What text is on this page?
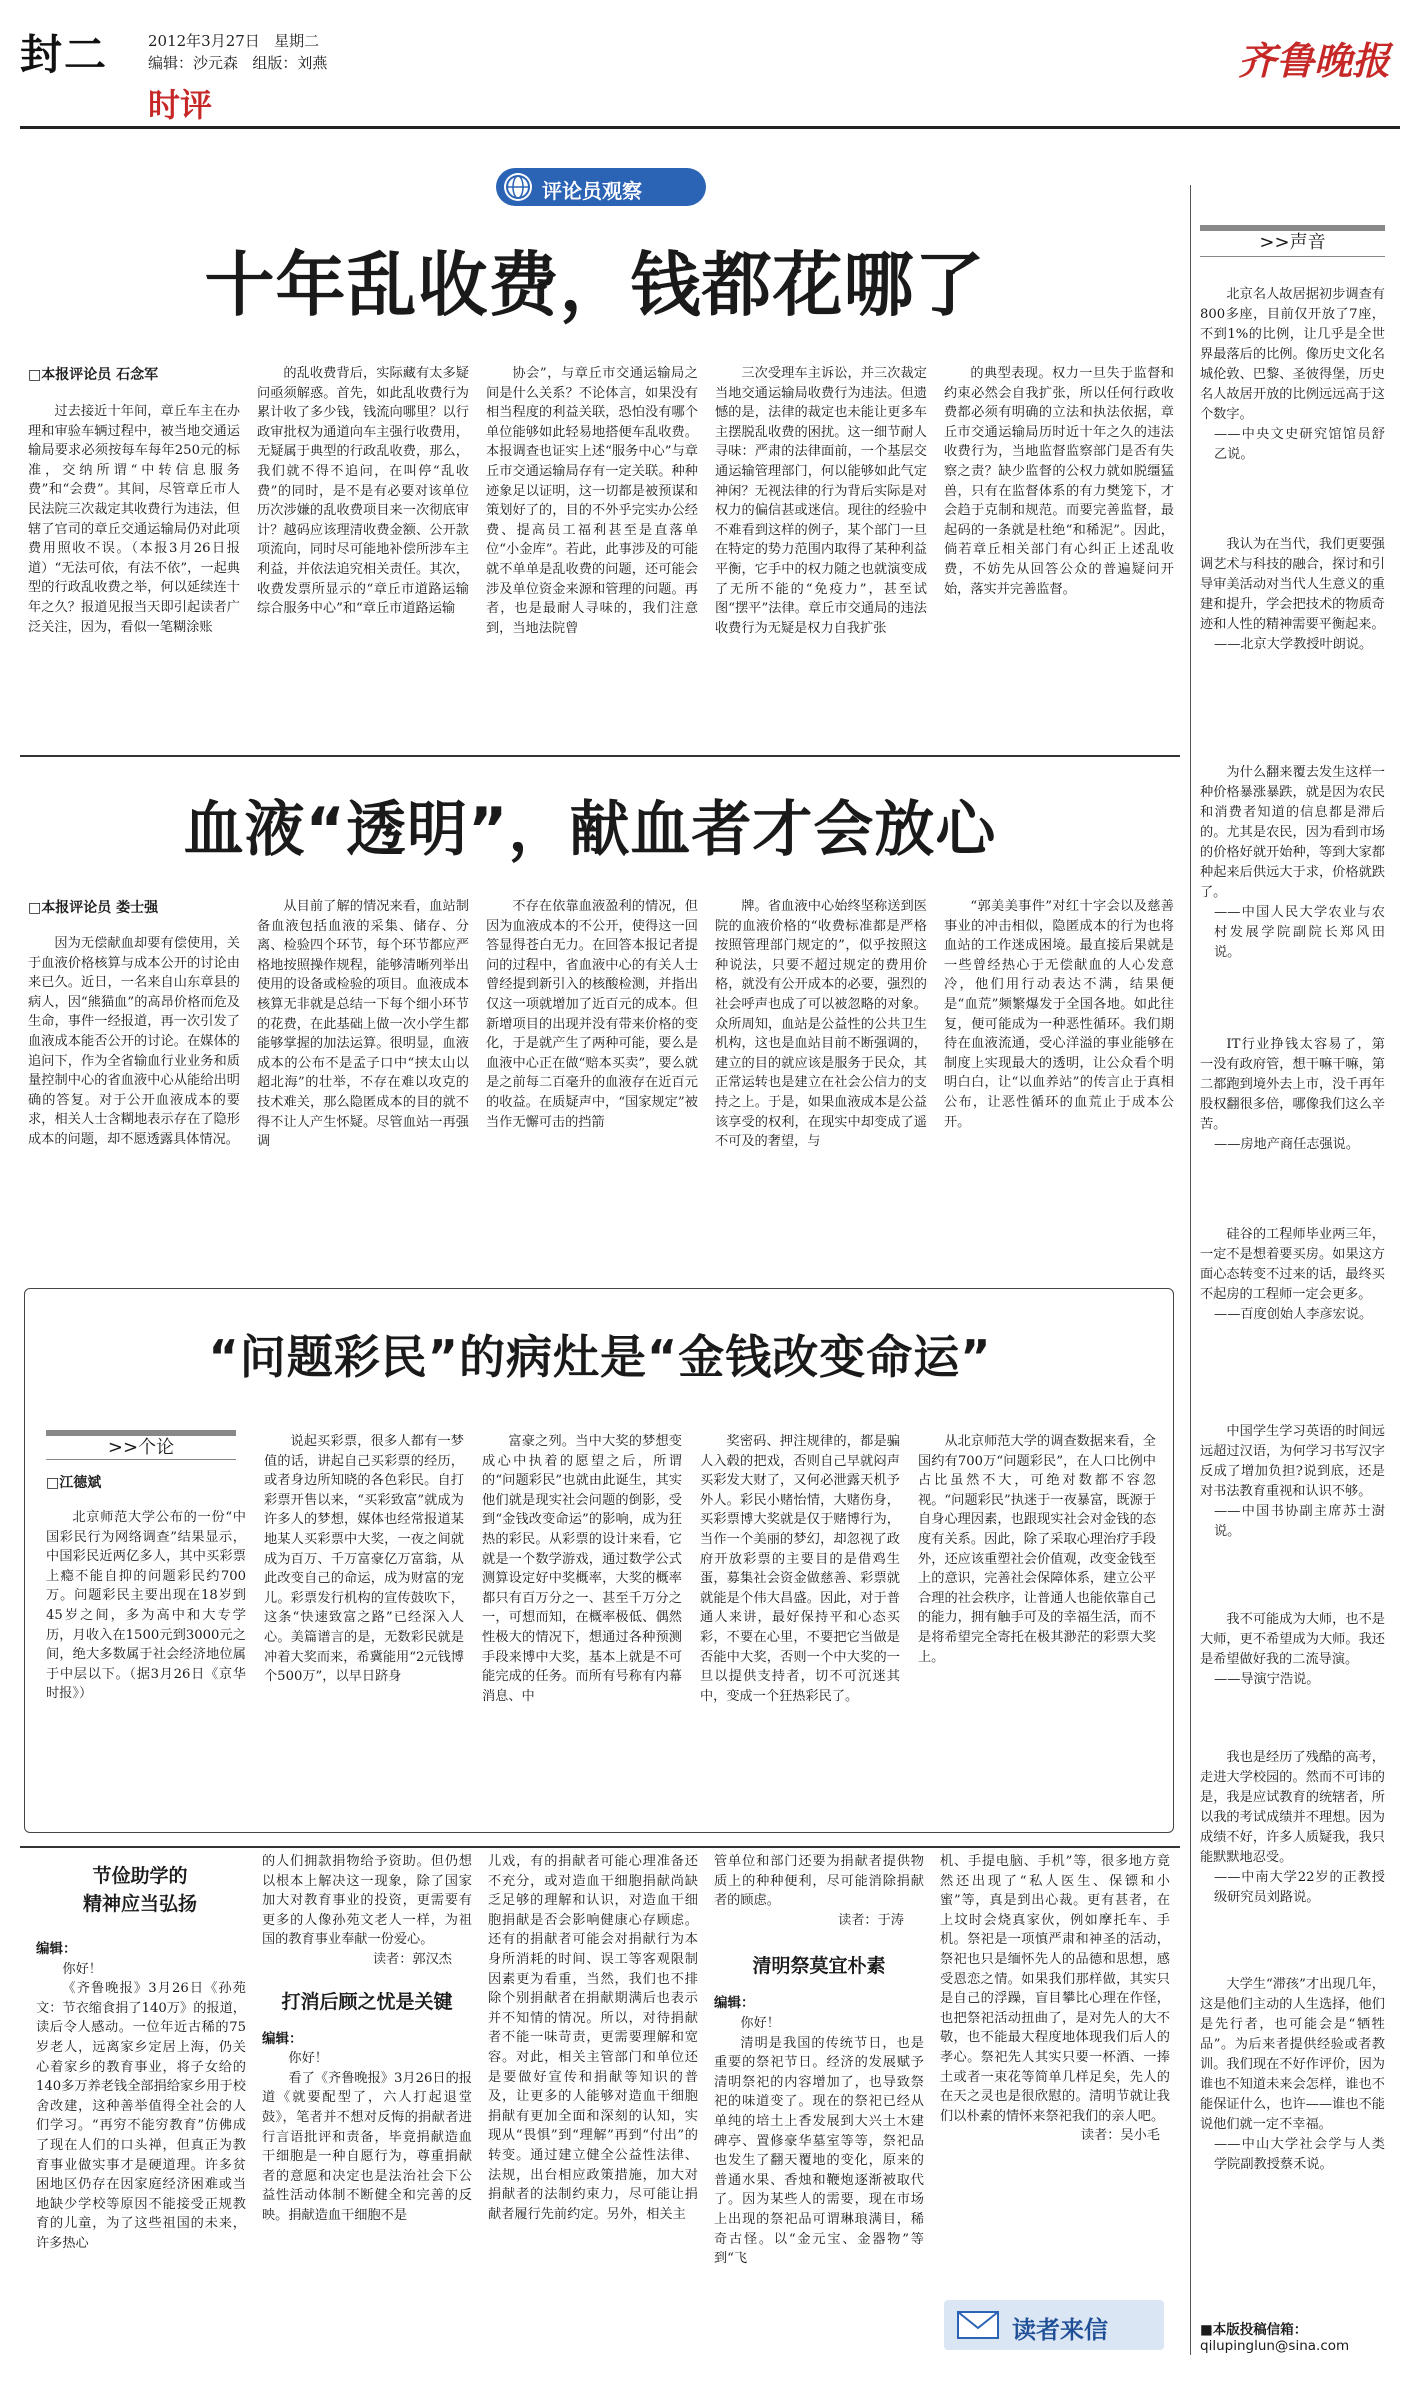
封二	2012年3月27日 星期二
编辑：沙元森 组版：刘燕
时评
齐鲁晚报
评论员观察
十年乱收费，钱都花哪了
□本报评论员 石念军

过去接近十年间，章丘车主在办理和审验车辆过程中，被当地交通运输局要求必须按每车每年250元的标准，交纳所谓“中转信息服务费”和“会费”。其间，尽管章丘市人民法院三次裁定其收费行为违法，但辖了官司的章丘交通运输局仍对此项费用照收不误。（本报3月26日报道）“无法可依，有法不依”，一起典型的行政乱收费之举，何以延续连十年之久？报道见报当天即引起读者广泛关注，因为，看似一笔糊涂账

的乱收费背后，实际藏有太多疑问亟须解惑。首先，如此乱收费行为累计收了多少钱，钱流向哪里？以行政审批权为通道向车主强行收费用，无疑属于典型的行政乱收费，那么，我们就不得不追问，在叫停“乱收费”的同时，是不是有必要对该单位历次涉嫌的乱收费项目来一次彻底审计？越码应该理清收费金额、公开款项流向，同时尽可能地补偿所涉车主利益，并依法追究相关责任。其次，收费发票所显示的“章丘市道路运输综合服务中心”和“章丘市道路运输

协会”，与章丘市交通运输局之间是什么关系？不论体言，如果没有相当程度的利益关联，恐怕没有哪个单位能够如此轻易地搭便车乱收费。本报调查也证实上述“服务中心”与章丘市交通运输局存有一定关联。种种迹象足以证明，这一切都是被预谋和策划好了的，目的不外乎完实办公经费、提高员工福利甚至是直落单位“小金库”。若此，此事涉及的可能就不单单是乱收费的问题，还可能会涉及单位资金来源和管理的问题。再者，也是最耐人寻味的，我们注意到，当地法院曾

三次受理车主诉讼，并三次裁定当地交通运输局收费行为违法。但遗憾的是，法律的裁定也未能让更多车主摆脱乱收费的困扰。这一细节耐人寻味：严肃的法律面前，一个基层交通运输管理部门，何以能够如此气定神闲？无视法律的行为背后实际是对权力的偏信甚或迷信。现往的经验中不难看到这样的例子，某个部门一旦在特定的势力范围内取得了某种利益平衡，它手中的权力随之也就演变成了无所不能的“免疫力”，甚至试图“摆平”法律。章丘市交通局的违法收费行为无疑是权力自我扩张

的典型表现。权力一旦失于监督和约束必然会自我扩张，所以任何行政收费都必须有明确的立法和执法依据，章丘市交通运输局历时近十年之久的违法收费行为，当地监督监察部门是否有失察之责？缺少监督的公权力就如脱缰猛兽，只有在监督体系的有力樊笼下，才会趋于克制和规范。而要完善监督，最起码的一条就是杜绝“和稀泥”。因此，倘若章丘相关部门有心纠正上述乱收费，不妨先从回答公众的普遍疑问开始，落实并完善监督。

血液“透明”，献血者才会放心
□本报评论员 娄士强

因为无偿献血却要有偿使用，关于血液价格核算与成本公开的讨论由来已久。近日，一名来自山东章县的病人，因“熊猫血”的高昂价格而危及生命，事件一经报道，再一次引发了血液成本能否公开的讨论。在媒体的追问下，作为全省输血行业业务和质量控制中心的省血液中心从能给出明确的答复。对于公开血液成本的要求，相关人士含糊地表示存在了隐形成本的问题，却不愿透露具体情况。

从目前了解的情况来看，血站制备血液包括血液的采集、储存、分离、检验四个环节，每个环节都应严格地按照操作规程，能够清晰列举出使用的设备或检验的项目。血液成本核算无非就是总结一下每个细小环节的花费，在此基础上做一次小学生都能够掌握的加法运算。很明显，血液成本的公布不是孟子口中“挟太山以超北海”的壮举，不存在难以攻克的技术难关，那么隐匿成本的目的就不得不让人产生怀疑。尽管血站一再强调

不存在依靠血液盈利的情况，但因为血液成本的不公开，使得这一回答显得苍白无力。在回答本报记者提问的过程中，省血液中心的有关人士曾经提到新引入的核酸检测，并指出仅这一项就增加了近百元的成本。但新增项目的出现并没有带来价格的变化，于是就产生了两种可能，要么是血液中心正在做“赔本买卖”，要么就是之前每二百毫升的血液存在近百元的收益。在质疑声中，“国家规定”被当作无懈可击的挡箭

牌。省血液中心始终坚称送到医院的血液价格的“收费标准都是严格按照管理部门规定的”，似乎按照这种说法，只要不超过规定的费用价格，就没有公开成本的必要，强烈的社会呼声也成了可以被忽略的对象。众所周知，血站是公益性的公共卫生机构，这也是血站目前不断强调的，建立的目的就应该是服务于民众，其正常运转也是建立在社会公信力的支持之上。于是，如果血液成本是公益该享受的权利，在现实中却变成了遥不可及的奢望，与

“郭美美事件”对红十字会以及慈善事业的冲击相似，隐匿成本的行为也将血站的工作迷成困境。最直接后果就是一些曾经热心于无偿献血的人心发意冷，他们用行动表达不满，结果便是“血荒”频繁爆发于全国各地。如此往复，便可能成为一种恶性循环。我们期待在血液流通，受心洋溢的事业能够在制度上实现最大的透明，让公众看个明明白白，让“以血养站”的传言止于真相公布，让恶性循环的血荒止于成本公开。

“问题彩民”的病灶是“金钱改变命运”
>>个论
□江德斌

北京师范大学公布的一份“中国彩民行为网络调查”结果显示，中国彩民近两亿多人，其中买彩票上瘾不能自抑的问题彩民约700万。问题彩民主要出现在18岁到45岁之间，多为高中和大专学历，月收入在1500元到3000元之间，绝大多数属于社会经济地位属于中层以下。（据3月26日《京华时报》）

说起买彩票，很多人都有一梦值的话，讲起自己买彩票的经历，或者身边所知晓的各色彩民。自打彩票开售以来，“买彩致富”就成为许多人的梦想，媒体也经常报道某地某人买彩票中大奖，一夜之间就成为百万、千万富豪亿万富翁，从此改变自己的命运，成为财富的宠儿。彩票发行机构的宣传鼓吹下，这条“快速致富之路”已经深入人心。美篇谱言的是，无数彩民就是冲着大奖而来，希冀能用“2元钱博个500万”，以早日跻身

富豪之列。当中大奖的梦想变成心中执着的愿望之后，所谓的“问题彩民”也就由此诞生，其实他们就是现实社会问题的倒影，受到“金钱改变命运”的影响，成为狂热的彩民。从彩票的设计来看，它就是一个数学游戏，通过数学公式测算设定好中奖概率，大奖的概率都只有百万分之一、甚至千万分之一，可想而知，在概率极低、偶然性极大的情况下，想通过各种预测手段来博中大奖，基本上就是不可能完成的任务。而所有号称有内幕消息、中

奖密码、押注规律的，都是骗人入毂的把戏，否则自己早就闷声买彩发大财了，又何必泄露天机予外人。彩民小赌怡情，大赌伤身，买彩票博大奖就是仅于赌博行为，当作一个美丽的梦幻，却忽视了政府开放彩票的主要目的是借鸡生蛋，募集社会资金做慈善、彩票就就能是个伟大昌盛。因此，对于普通人来讲，最好保持平和心态买彩，不要在心里，不要把它当做是否能中大奖，否则一个中大奖的一旦以提供支持者，切不可沉迷其中，变成一个狂热彩民了。

从北京师范大学的调查数据来看，全国约有700万“问题彩民”，在人口比例中占比虽然不大，可绝对数都不容忽视。“问题彩民”执迷于一夜暴富，既源于自身心理因素，也跟现实社会对金钱的态度有关系。因此，除了采取心理治疗手段外，还应该重塑社会价值观，改变金钱至上的意识，完善社会保障体系，建立公平合理的社会秩序，让普通人也能依靠自己的能力，拥有触手可及的幸福生活，而不是将希望完全寄托在极其渺茫的彩票大奖上。

节俭助学的
精神应当弘扬
编辑：

你好！

《齐鲁晚报》3月26日《孙苑文：节衣缩食捐了140万》的报道，读后令人感动。一位年近古稀的75岁老人，远离家乡定居上海，仍关心着家乡的教育事业，将子女给的140多万养老钱全部捐给家乡用于校舍改建，这种善举值得全社会的人们学习。“再穷不能穷教育”仿佛成了现在人们的口头禅，但真正为教育事业做实事才是硬道理。许多贫困地区仍存在因家庭经济困难或当地缺少学校等原因不能接受正规教育的儿童，为了这些祖国的未来，许多热心

的人们拥款捐物给予资助。但仍想以根本上解决这一现象，除了国家加大对教育事业的投资，更需要有更多的人像孙苑文老人一样，为祖国的教育事业奉献一份爱心。
读者：郭汉杰
打消后顾之忧是关键
编辑：

你好！

看了《齐鲁晚报》3月26日的报道《就要配型了，六人打起退堂鼓》，笔者并不想对反悔的捐献者进行言语批评和责备，毕竟捐献造血干细胞是一种自愿行为，尊重捐献者的意愿和决定也是法治社会下公益性活动体制不断健全和完善的反映。捐献造血干细胞不是

儿戏，有的捐献者可能心理准备还不充分，或对造血干细胞捐献尚缺乏足够的理解和认识，对造血干细胞捐献是否会影响健康心存顾虑。还有的捐献者可能会对捐献行为本身所消耗的时间、误工等客观限制因素更为看重，当然，我们也不排除个别捐献者在捐献期满后也表示并不知情的情况。所以，对待捐献者不能一味苛责，更需要理解和宽容。对此，相关主管部门和单位还是要做好宣传和捐献等知识的普及，让更多的人能够对造血干细胞捐献有更加全面和深刻的认知，实现从“畏惧”到“理解”再到“付出”的转变。通过建立健全公益性法律、法规，出台相应政策措施，加大对捐献者的法制约束力，尽可能让捐献者履行先前约定。另外，相关主

管单位和部门还要为捐献者提供物质上的种种便利，尽可能消除捐献者的顾虑。
读者：于涛
清明祭莫宜朴素
编辑：

你好！

清明是我国的传统节日，也是重要的祭祀节日。经济的发展赋予清明祭祀的内容增加了，也导致祭祀的味道变了。现在的祭祀已经从单纯的培土上香发展到大兴土木建碑亭、置修豪华墓室等等，祭祀品也发生了翻天覆地的变化，原来的普通水果、香烛和鞭炮逐渐被取代了。因为某些人的需要，现在市场上出现的祭祀品可谓琳琅满目，稀奇古怪。以“金元宝、金器物”等到“飞

机、手提电脑、手机”等，很多地方竟然还出现了“私人医生、保镖和小蜜”等，真是到出心裁。更有甚者，在上坟时会烧真家伙，例如摩托车、手机。祭祀是一项慎严肃和神圣的活动，祭祀也只是缅怀先人的品德和思想，感受恩恋之情。如果我们那样做，其实只是自己的浮躁，盲目攀比心理在作怪，也把祭祀活动扭曲了，是对先人的大不敬，也不能最大程度地体现我们后人的孝心。祭祀先人其实只要一杯酒、一捧土或者一束花等简单几样足矣，先人的在天之灵也是很欣慰的。清明节就让我们以朴素的情怀来祭祀我们的亲人吧。

读者：吴小毛
读者来信
>>声音

北京名人故居据初步调查有800多座，目前仅开放了7座，不到1%的比例，让几乎是全世界最落后的比例。像历史文化名城伦敦、巴黎、圣彼得堡，历史名人故居开放的比例远远高于这个数字。

——中央文史研究馆馆员舒乙说。

我认为在当代，我们更要强调艺术与科技的融合，探讨和引导审美活动对当代人生意义的重建和提升，学会把技术的物质奇迹和人性的精神需要平衡起来。

——北京大学教授叶朗说。

为什么翻来覆去发生这样一种价格暴涨暴跌，就是因为农民和消费者知道的信息都是滞后的。尤其是农民，因为看到市场的价格好就开始种，等到大家都种起来后供远大于求，价格就跌了。

——中国人民大学农业与农村发展学院副院长郑风田说。

IT行业挣钱太容易了，第一没有政府管，想干嘛干嘛，第二都跑到境外去上市，没千再年股权翻很多倍，哪像我们这么辛苦。

——房地产商任志强说。

硅谷的工程师毕业两三年，一定不是想着要买房。如果这方面心态转变不过来的话，最终买不起房的工程师一定会更多。

——百度创始人李彦宏说。

中国学生学习英语的时间远远超过汉语，为何学习书写汉字反成了增加负担?说到底，还是对书法教育重视和认识不够。

——中国书协副主席苏士澍说。

我不可能成为大师，也不是大师，更不希望成为大师。我还是希望做好我的二流导演。

——导演宁浩说。

我也是经历了残酷的高考，走进大学校园的。然而不可讳的是，我是应试教育的统辖者，所以我的考试成绩并不理想。因为成绩不好，许多人质疑我，我只能默默地忍受。

——中南大学22岁的正教授级研究员刘路说。

大学生“滞孩”才出现几年，这是他们主动的人生选择，他们是先行者，也可能会是“牺牲品”。为后来者提供经验或者教训。我们现在不好作评价，因为谁也不知道未来会怎样，谁也不能保证什么，也许——谁也不能说他们就一定不幸福。

——中山大学社会学与人类学院副教授蔡禾说。

■本版投稿信箱：
qilupinglun@sina.com
